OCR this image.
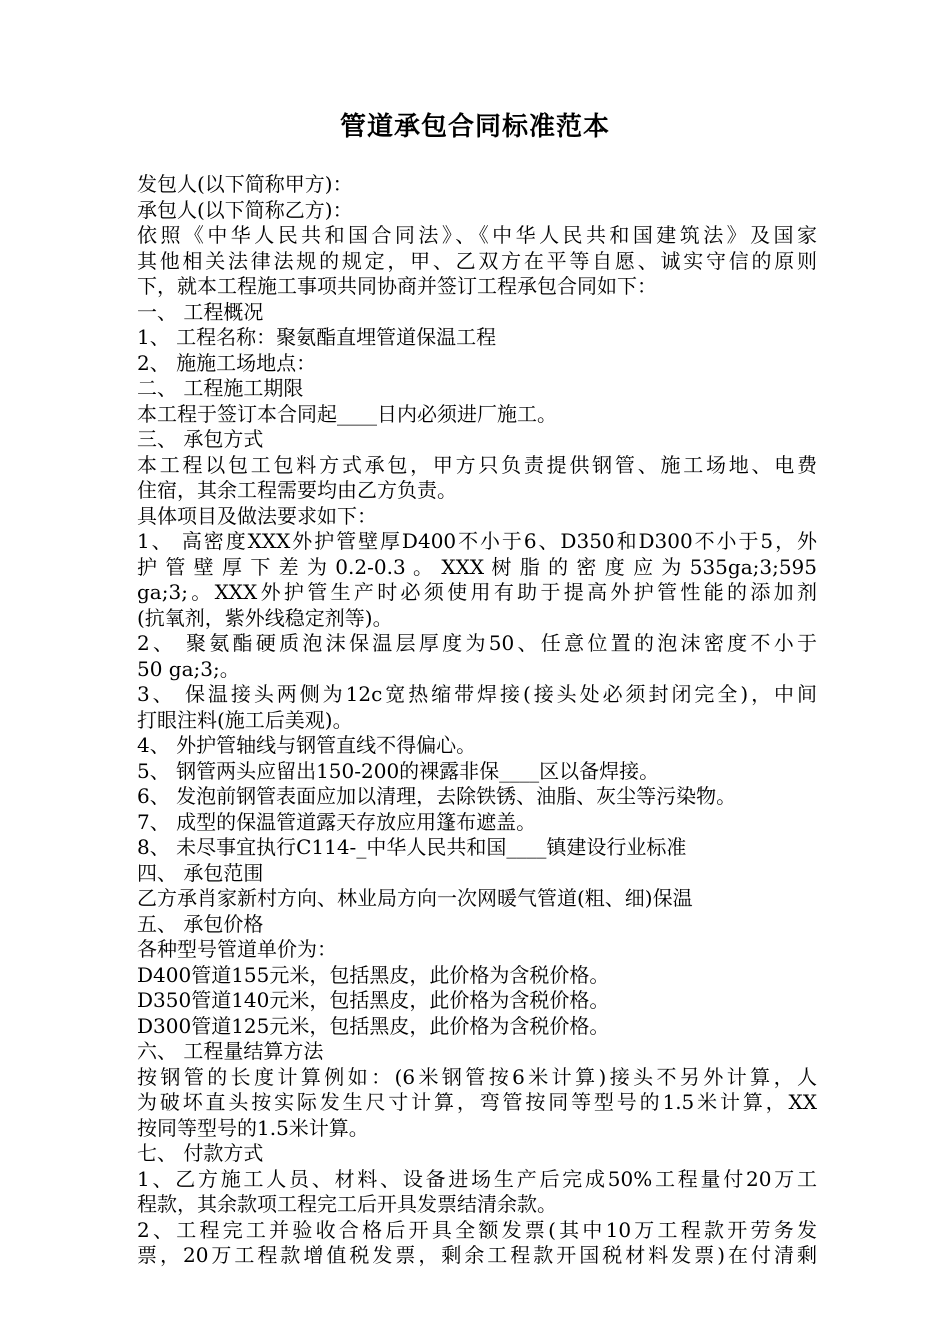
管道承包合同标准范本
发包人(以下简称甲方)：
承包人(以下简称乙方)：
依照《中华人民共和国合同法》、《中华人民共和国建筑法》及国家
其他相关法律法规的规定，甲、乙双方在平等自愿、诚实守信的原则
下，就本工程施工事项共同协商并签订工程承包合同如下：
一、 工程概况
1、 工程名称：聚氨酯直埋管道保温工程
2、 施施工场地点：
二、 工程施工期限
本工程于签订本合同起____日内必须进厂施工。
三、 承包方式
本工程以包工包料方式承包，甲方只负责提供钢管、施工场地、电费
住宿，其余工程需要均由乙方负责。
具体项目及做法要求如下：
1、 高密度XXX外护管壁厚D400不小于6、D350和D300不小于5，外
护 管 壁 厚 下 差 为 0.2-0.3 。 XXX 树 脂 的 密 度 应 为 535ga;3;595
ga;3;。XXX外护管生产时必须使用有助于提高外护管性能的添加剂
(抗氧剂，紫外线稳定剂等)。
2、 聚氨酯硬质泡沫保温层厚度为50、任意位置的泡沫密度不小于
50 ga;3;。
3、 保温接头两侧为12c宽热缩带焊接(接头处必须封闭完全)，中间
打眼注料(施工后美观)。
4、 外护管轴线与钢管直线不得偏心。
5、 钢管两头应留出150-200的裸露非保____区以备焊接。
6、 发泡前钢管表面应加以清理，去除铁锈、油脂、灰尘等污染物。
7、 成型的保温管道露天存放应用篷布遮盖。
8、 未尽事宜执行C114-_中华人民共和国____镇建设行业标准
四、 承包范围
乙方承肖家新村方向、林业局方向一次网暖气管道(粗、细)保温
五、 承包价格
各种型号管道单价为：
D400管道155元米，包括黑皮，此价格为含税价格。
D350管道140元米，包括黑皮，此价格为含税价格。
D300管道125元米，包括黑皮，此价格为含税价格。
六、 工程量结算方法
按钢管的长度计算例如：(6米钢管按6米计算)接头不另外计算，人
为破坏直头按实际发生尺寸计算，弯管按同等型号的1.5米计算，XX
按同等型号的1.5米计算。
七、 付款方式
1、乙方施工人员、材料、设备进场生产后完成50%工程量付20万工
程款，其余款项工程完工后开具发票结清余款。
2、工程完工并验收合格后开具全额发票(其中10万工程款开劳务发
票，20万工程款增值税发票，剩余工程款开国税材料发票)在付清剩
